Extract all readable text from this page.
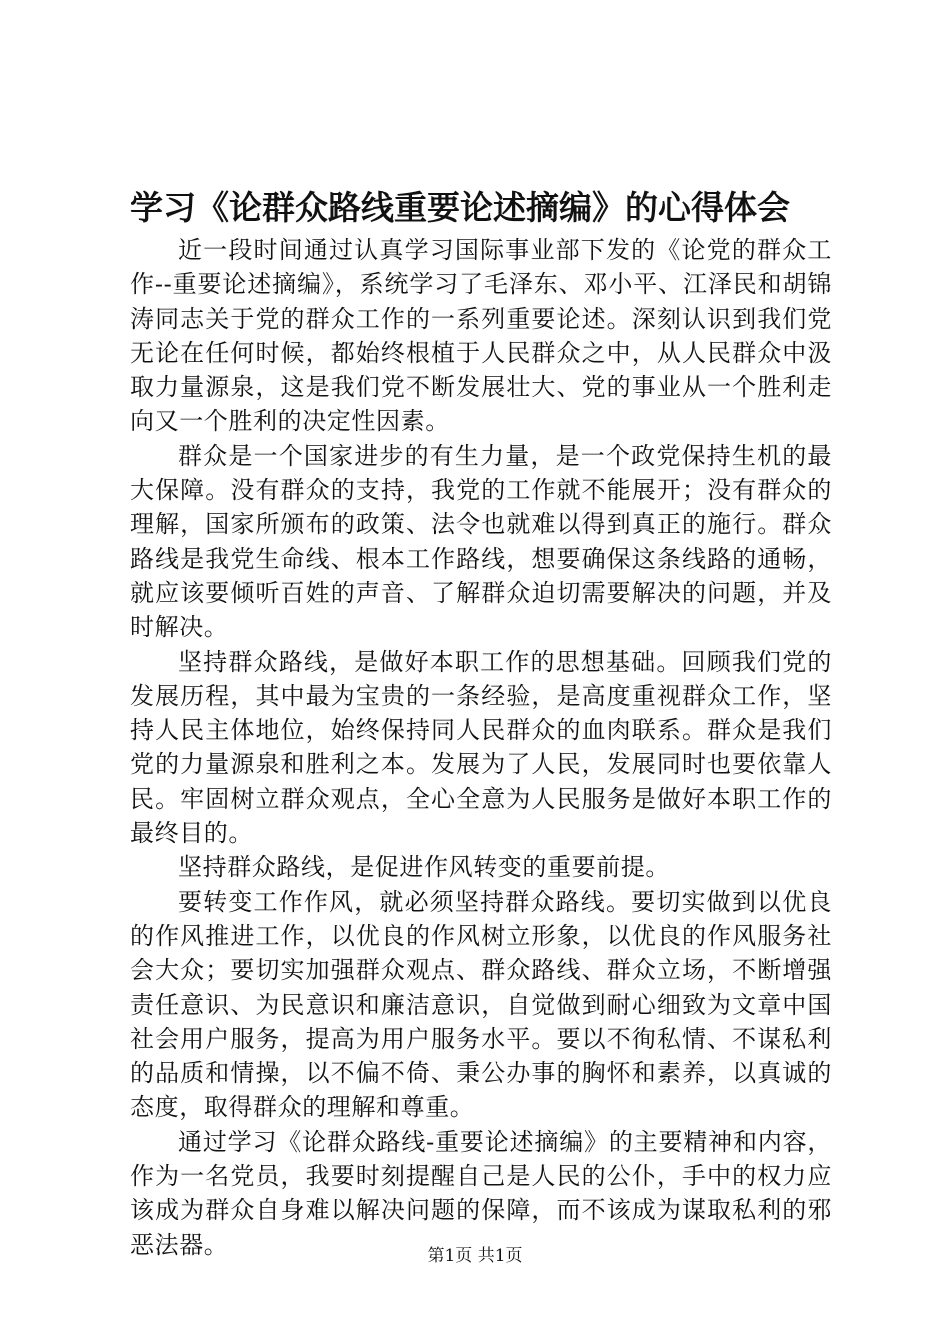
学习《论群众路线重要论述摘编》的心得体会

近一段时间通过认真学习国际事业部下发的《论党的群众工作--重要论述摘编》，系统学习了毛泽东、邓小平、江泽民和胡锦涛同志关于党的群众工作的一系列重要论述。深刻认识到我们党无论在任何时候，都始终根植于人民群众之中，从人民群众中汲取力量源泉，这是我们党不断发展壮大、党的事业从一个胜利走向又一个胜利的决定性因素。

群众是一个国家进步的有生力量，是一个政党保持生机的最大保障。没有群众的支持，我党的工作就不能展开；没有群众的理解，国家所颁布的政策、法令也就难以得到真正的施行。群众路线是我党生命线、根本工作路线，想要确保这条线路的通畅，就应该要倾听百姓的声音、了解群众迫切需要解决的问题，并及时解决。

坚持群众路线，是做好本职工作的思想基础。回顾我们党的发展历程，其中最为宝贵的一条经验，是高度重视群众工作，坚持人民主体地位，始终保持同人民群众的血肉联系。群众是我们党的力量源泉和胜利之本。发展为了人民，发展同时也要依靠人民。牢固树立群众观点，全心全意为人民服务是做好本职工作的最终目的。

坚持群众路线，是促进作风转变的重要前提。

要转变工作作风，就必须坚持群众路线。要切实做到以优良的作风推进工作，以优良的作风树立形象，以优良的作风服务社会大众；要切实加强群众观点、群众路线、群众立场，不断增强责任意识、为民意识和廉洁意识，自觉做到耐心细致为文章中国社会用户服务，提高为用户服务水平。要以不徇私情、不谋私利的品质和情操，以不偏不倚、秉公办事的胸怀和素养，以真诚的态度，取得群众的理解和尊重。

通过学习《论群众路线-重要论述摘编》的主要精神和内容，作为一名党员，我要时刻提醒自己是人民的公仆，手中的权力应该成为群众自身难以解决问题的保障，而不该成为谋取私利的邪恶法器。	第1页 共1页
